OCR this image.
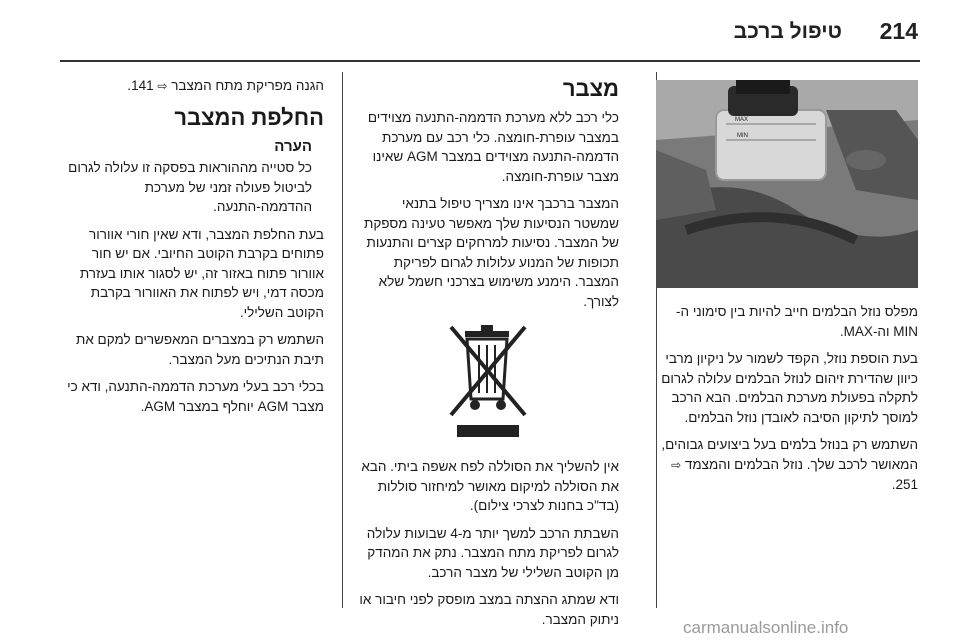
214
טיפול ברכב
MAX
MIN

מפלס נוזל הבלמים חייב להיות בין סימוני ה-MIN וה-MAX.

בעת הוספת נוזל, הקפד לשמור על ניקיון מרבי כיוון שהדירת זיהום לנוזל הבלמים עלולה לגרום לתקלה בפעולת מערכת הבלמים. הבא הרכב למוסך לתיקון הסיבה לאובדן נוזל הבלמים.

השתמש רק בנוזל בלמים בעל ביצועים גבוהים, המאושר לרכב שלך. נוזל הבלמים והמצמד ⇨ 251.

מצבר

כלי רכב ללא מערכת הדממה-התנעה מצוידים במצבר עופרת-חומצה. כלי רכב עם מערכת הדממה-התנעה מצוידים במצבר AGM שאינו מצבר עופרת-חומצה.

המצבר ברכבך אינו מצריך טיפול בתנאי שמשטר הנסיעות שלך מאפשר טעינה מספקת של המצבר. נסיעות למרחקים קצרים והתנעות תכופות של המנוע עלולות לגרום לפריקת המצבר. הימנע משימוש בצרכני חשמל שלא לצורך.

אין להשליך את הסוללה לפח אשפה ביתי. הבא את הסוללה למיקום מאושר למיחזור סוללות (בד"כ בחנות לצרכי צילום).

השבתת הרכב למשך יותר מ-4 שבועות עלולה לגרום לפריקת מתח המצבר. נתק את המהדק מן הקוטב השלילי של מצבר הרכב.

ודא שמתג ההצתה במצב מופסק לפני חיבור או ניתוק המצבר.

הגנה מפריקת מתח המצבר ⇨ 141.

החלפת המצבר
הערה

כל סטייה מההוראות בפסקה זו עלולה לגרום לביטול פעולה זמני של מערכת ההדממה-התנעה.

בעת החלפת המצבר, ודא שאין חורי אוורור פתוחים בקרבת הקוטב החיובי. אם יש חור אוורור פתוח באזור זה, יש לסגור אותו בעזרת מכסה דמי, ויש לפתוח את האוורור בקרבת הקוטב השלילי.

השתמש רק במצברים המאפשרים למקם את תיבת הנתיכים מעל המצבר.

בכלי רכב בעלי מערכת הדממה-התנעה, ודא כי מצבר AGM יוחלף במצבר AGM.

carmanualsonline.info
